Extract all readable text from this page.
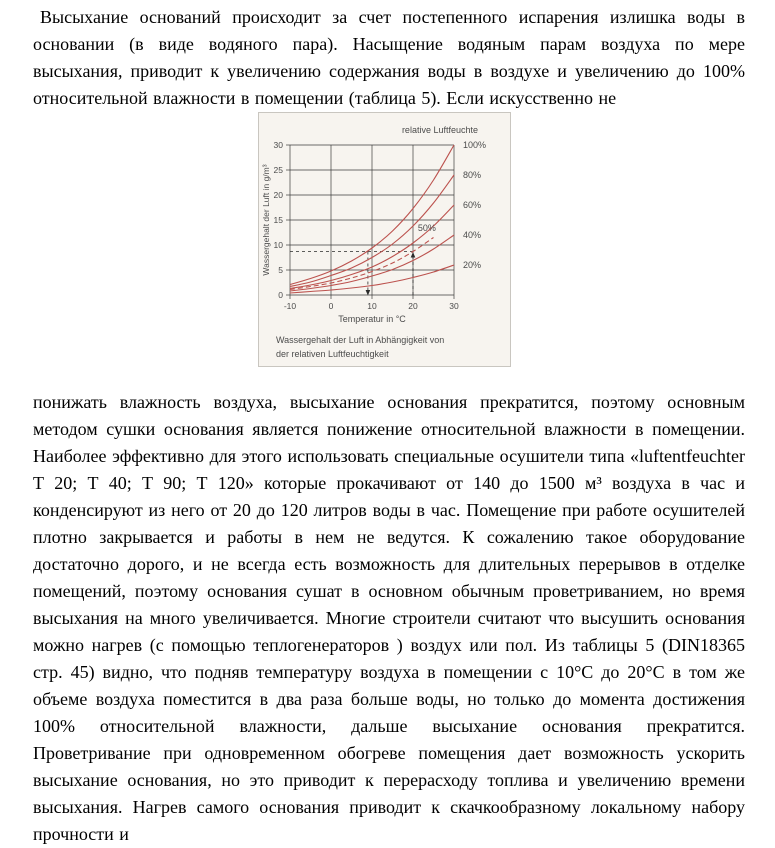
Высыхание оснований происходит за счет постепенного испарения излишка воды в основании (в виде водяного пара). Насыщение водяным парам воздуха по мере высыхания, приводит к увеличению содержания воды в воздухе и увеличению до 100% относительной влажности в помещении (таблица 5). Если искусственно не

0
5
10
15
20
25
30
-10	0	10	20	30
Temperatur in °C
Wassergehalt der Luft in g/m³
relative Luftfeuchte
100%
80%
60%
50%
40%
20%
Wassergehalt der Luft in Abhängigkeit von
der relativen Luftfeuchtigkeit

понижать влажность воздуха, высыхание основания прекратится, поэтому основным методом сушки основания является понижение относительной влажности в помещении. Наиболее эффективно для этого использовать специальные осушители типа «luftentfeuchter Т 20; Т 40; Т 90; Т 120» которые прокачивают от 140 до 1500 м³ воздуха в час и конденсируют из него от 20 до 120 литров воды в час. Помещение при работе осушителей плотно закрывается и работы в нем не ведутся. К сожалению такое оборудование достаточно дорого, и не всегда есть возможность для длительных перерывов в отделке помещений, поэтому основания сушат в основном обычным проветриванием, но время высыхания на много увеличивается. Многие строители считают что высушить основания можно нагрев (с помощью теплогенераторов ) воздух или пол. Из таблицы 5 (DIN18365 стр. 45) видно, что подняв температуру воздуха в помещении с 10°С до 20°С в том же объеме воздуха поместится в два раза больше воды, но только до момента достижения 100% относительной влажности, дальше высыхание основания прекратится. Проветривание при одновременном обогреве помещения дает возможность ускорить высыхание основания, но это приводит к перерасходу топлива и увеличению времени высыхания. Нагрев самого основания приводит к скачкообразному локальному набору прочности и
